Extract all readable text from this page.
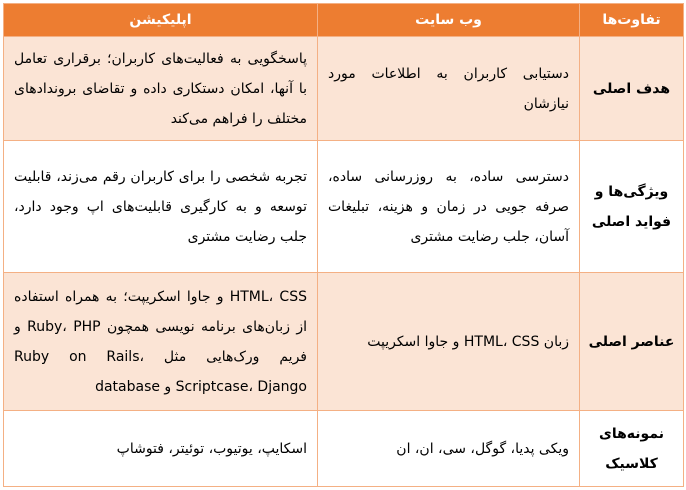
تفاوت‌ها	وب سایت	اپلیکیشن
هدف اصلی	دستیابی کاربران به اطلاعات مورد نیازشان	پاسخگویی به فعالیت‌های کاربران؛ برقراری تعامل با آنها، امکان دستکاری داده و تقاضای بروندادهای مختلف را فراهم می‌کند
ویژگی‌ها و فواید اصلی	دسترسی ساده، به روزرسانی ساده، صرفه جویی در زمان و هزینه، تبلیغات آسان، جلب رضایت مشتری	تجربه شخصی را برای کاربران رقم می‌زند، قابلیت توسعه و به کارگیری قابلیت‌های اپ وجود دارد، جلب رضایت مشتری
عناصر اصلی	زبان HTML، CSS و جاوا اسکریپت	HTML، CSS و جاوا اسکریپت؛ به همراه استفاده از زبان‌های برنامه نویسی همچون Ruby، PHP و فریم ورک‌هایی مثل Ruby on Rails، Scriptcase، Django و database
نمونه‌های کلاسیک	ویکی پدیا، گوگل، سی، ان، ان	اسکایپ، یوتیوب، توئیتر، فتوشاپ
